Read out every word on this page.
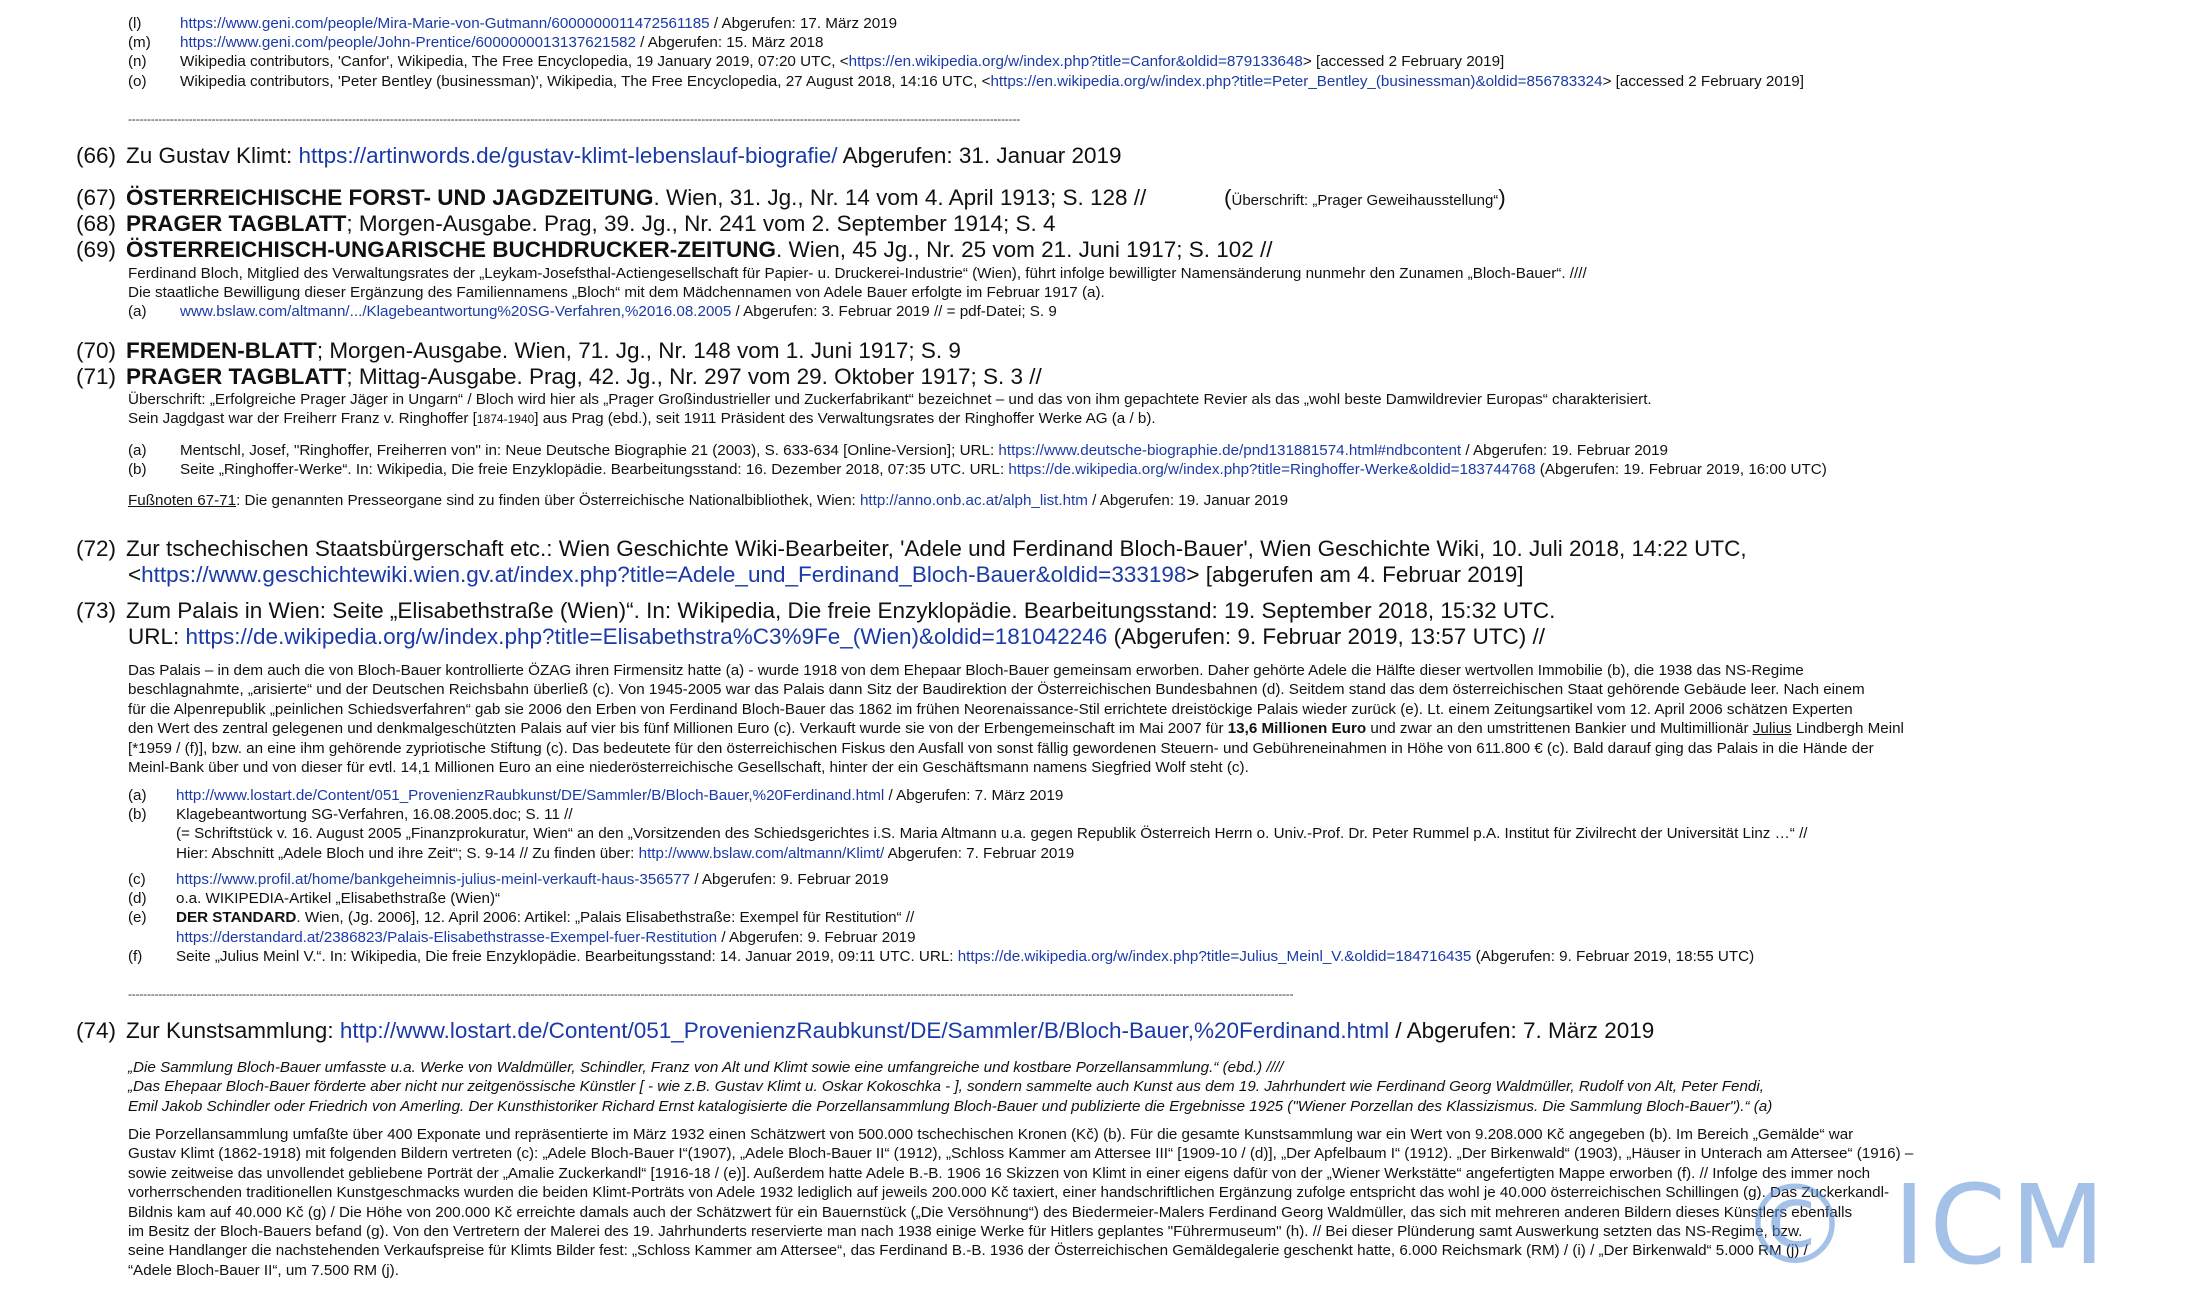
(l)	https://www.geni.com/people/Mira-Marie-von-Gutmann/6000000011472561185 / Abgerufen: 17. März 2019
(m) https://www.geni.com/people/John-Prentice/6000000013137621582 / Abgerufen: 15. März 2018
(n) Wikipedia contributors, 'Canfor', Wikipedia, The Free Encyclopedia, 19 January 2019, 07:20 UTC, <https://en.wikipedia.org/w/index.php?title=Canfor&oldid=879133648> [accessed 2 February 2019]
(o) Wikipedia contributors, 'Peter Bentley (businessman)', Wikipedia, The Free Encyclopedia, 27 August 2018, 14:16 UTC, <https://en.wikipedia.org/w/index.php?title=Peter_Bentley_(businessman)&oldid=856783324> [accessed 2 February 2019]
-------------------------------------------------------------------------------------------------------------------------------------------------------------------------------------------------------------------------------------------
(66) Zu Gustav Klimt: https://artinwords.de/gustav-klimt-lebenslauf-biografie/ Abgerufen: 31. Januar 2019
(67) ÖSTERREICHISCHE FORST- UND JAGDZEITUNG. Wien, 31. Jg., Nr. 14 vom 4. April 1913; S. 128 //	(Überschrift: „Prager Geweihausstellung“)
(68) PRAGER TAGBLATT; Morgen-Ausgabe. Prag, 39. Jg., Nr. 241 vom 2. September 1914; S. 4
(69) ÖSTERREICHISCH-UNGARISCHE BUCHDRUCKER-ZEITUNG. Wien, 45 Jg., Nr. 25 vom 21. Juni 1917; S. 102 //
Ferdinand Bloch, Mitglied des Verwaltungsrates der „Leykam-Josefsthal-Actiengesellschaft für Papier- u. Druckerei-Industrie“ (Wien), führt infolge bewilligter Namensänderung nunmehr den Zunamen „Bloch-Bauer“. ////
Die staatliche Bewilligung dieser Ergänzung des Familiennamens „Bloch“ mit dem Mädchennamen von Adele Bauer erfolgte im Februar 1917 (a).
(a) www.bslaw.com/altmann/.../Klagebeantwortung%20SG-Verfahren,%2016.08.2005 / Abgerufen: 3. Februar 2019 // = pdf-Datei; S. 9
(70) FREMDEN-BLATT; Morgen-Ausgabe. Wien, 71. Jg., Nr. 148 vom 1. Juni 1917; S. 9
(71) PRAGER TAGBLATT; Mittag-Ausgabe. Prag, 42. Jg., Nr. 297 vom 29. Oktober 1917; S. 3 //
Überschrift: „Erfolgreiche Prager Jäger in Ungarn“ / Bloch wird hier als „Prager Großindustrieller und Zuckerfabrikant“ bezeichnet – und das von ihm gepachtete Revier als das „wohl beste Damwildrevier Europas“ charakterisiert.
Sein Jagdgast war der Freiherr Franz v. Ringhoffer [1874-1940] aus Prag (ebd.), seit 1911 Präsident des Verwaltungsrates der Ringhoffer Werke AG (a / b).
(a) Mentschl, Josef, "Ringhoffer, Freiherren von" in: Neue Deutsche Biographie 21 (2003), S. 633-634 [Online-Version]; URL: https://www.deutsche-biographie.de/pnd131881574.html#ndbcontent / Abgerufen: 19. Februar 2019
(b) Seite „Ringhoffer-Werke“. In: Wikipedia, Die freie Enzyklopädie. Bearbeitungsstand: 16. Dezember 2018, 07:35 UTC. URL: https://de.wikipedia.org/w/index.php?title=Ringhoffer-Werke&oldid=183744768 (Abgerufen: 19. Februar 2019, 16:00 UTC)
Fußnoten 67-71: Die genannten Presseorgane sind zu finden über Österreichische Nationalbibliothek, Wien: http://anno.onb.ac.at/alph_list.htm / Abgerufen: 19. Januar 2019
(72) Zur tschechischen Staatsbürgerschaft etc.: Wien Geschichte Wiki-Bearbeiter, 'Adele und Ferdinand Bloch-Bauer', Wien Geschichte Wiki, 10. Juli 2018, 14:22 UTC,
<https://www.geschichtewiki.wien.gv.at/index.php?title=Adele_und_Ferdinand_Bloch-Bauer&oldid=333198> [abgerufen am 4. Februar 2019]
(73) Zum Palais in Wien: Seite „Elisabethstraße (Wien)“. In: Wikipedia, Die freie Enzyklopädie. Bearbeitungsstand: 19. September 2018, 15:32 UTC.
URL: https://de.wikipedia.org/w/index.php?title=Elisabethstra%C3%9Fe_(Wien)&oldid=181042246 (Abgerufen: 9. Februar 2019, 13:57 UTC) //
Das Palais – in dem auch die von Bloch-Bauer kontrollierte ÖZAG ihren Firmensitz hatte (a) - wurde 1918 von dem Ehepaar Bloch-Bauer gemeinsam erworben. Daher gehörte Adele die Hälfte dieser wertvollen Immobilie (b), die 1938 das NS-Regime
beschlagnahmte, „arisierte“ und der Deutschen Reichsbahn überließ (c). Von 1945-2005 war das Palais dann Sitz der Baudirektion der Österreichischen Bundesbahnen (d). Seitdem stand das dem österreichischen Staat gehörende Gebäude leer. Nach einem
für die Alpenrepublik „peinlichen Schiedsverfahren“ gab sie 2006 den Erben von Ferdinand Bloch-Bauer das 1862 im frühen Neorenaissance-Stil errichtete dreistöckige Palais wieder zurück (e). Lt. einem Zeitungsartikel vom 12. April 2006 schätzen Experten
den Wert des zentral gelegenen und denkmalgeschützten Palais auf vier bis fünf Millionen Euro (c). Verkauft wurde sie von der Erbengemeinschaft im Mai 2007 für 13,6 Millionen Euro und zwar an den umstrittenen Bankier und Multimillionär Julius Lindbergh Meinl
[*1959 / (f)], bzw. an eine ihm gehörende zypriotische Stiftung (c). Das bedeutete für den österreichischen Fiskus den Ausfall von sonst fällig gewordenen Steuern- und Gebühreneinahmen in Höhe von 611.800 € (c). Bald darauf ging das Palais in die Hände der
Meinl-Bank über und von dieser für evtl. 14,1 Millionen Euro an eine niederösterreichische Gesellschaft, hinter der ein Geschäftsmann namens Siegfried Wolf steht (c).
(a) http://www.lostart.de/Content/051_ProvenienzRaubkunst/DE/Sammler/B/Bloch-Bauer,%20Ferdinand.html / Abgerufen: 7. März 2019
(b) Klagebeantwortung SG-Verfahren, 16.08.2005.doc; S. 11 //
(= Schriftstück v. 16. August 2005 „Finanzprokuratur, Wien“ an den „Vorsitzenden des Schiedsgerichtes i.S. Maria Altmann u.a. gegen Republik Österreich Herrn o. Univ.-Prof. Dr. Peter Rummel p.A. Institut für Zivilrecht der Universität Linz …“ //
Hier: Abschnitt „Adele Bloch und ihre Zeit“; S. 9-14 // Zu finden über: http://www.bslaw.com/altmann/Klimt/ Abgerufen: 7. Februar 2019
(c) https://www.profil.at/home/bankgeheimnis-julius-meinl-verkauft-haus-356577 / Abgerufen: 9. Februar 2019
(d) o.a. WIKIPEDIA-Artikel „Elisabethstraße (Wien)“
(e) DER STANDARD. Wien, (Jg. 2006], 12. April 2006: Artikel: „Palais Elisabethstraße: Exempel für Restitution“ //
https://derstandard.at/2386823/Palais-Elisabethstrasse-Exempel-fuer-Restitution / Abgerufen: 9. Februar 2019
(f) Seite „Julius Meinl V.“. In: Wikipedia, Die freie Enzyklopädie. Bearbeitungsstand: 14. Januar 2019, 09:11 UTC. URL: https://de.wikipedia.org/w/index.php?title=Julius_Meinl_V.&oldid=184716435 (Abgerufen: 9. Februar 2019, 18:55 UTC)
-------------------------------------------------------------------------------------------------------------------------------------------------------------------------------------------------------------------------------------------------------------------------------------------------------------------
(74) Zur Kunstsammlung: http://www.lostart.de/Content/051_ProvenienzRaubkunst/DE/Sammler/B/Bloch-Bauer,%20Ferdinand.html / Abgerufen: 7. März 2019
„Die Sammlung Bloch-Bauer umfasste u.a. Werke von Waldmüller, Schindler, Franz von Alt und Klimt sowie eine umfangreiche und kostbare Porzellansammlung.“ (ebd.) ////
„Das Ehepaar Bloch-Bauer förderte aber nicht nur zeitgenössische Künstler [ - wie z.B. Gustav Klimt u. Oskar Kokoschka - ], sondern sammelte auch Kunst aus dem 19. Jahrhundert wie Ferdinand Georg Waldmüller, Rudolf von Alt, Peter Fendi,
Emil Jakob Schindler oder Friedrich von Amerling. Der Kunsthistoriker Richard Ernst katalogisierte die Porzellansammlung Bloch-Bauer und publizierte die Ergebnisse 1925 ("Wiener Porzellan des Klassizismus. Die Sammlung Bloch-Bauer").“ (a)
Die Porzellansammlung umfaßte über 400 Exponate und repräsentierte im März 1932 einen Schätzwert von 500.000 tschechischen Kronen (Kč) (b). Für die gesamte Kunstsammlung war ein Wert von 9.208.000 Kč angegeben (b). Im Bereich „Gemälde“ war
Gustav Klimt (1862-1918) mit folgenden Bildern vertreten (c): „Adele Bloch-Bauer I“(1907), „Adele Bloch-Bauer II“ (1912), „Schloss Kammer am Attersee III“ [1909-10 / (d)], „Der Apfelbaum I“ (1912). „Der Birkenwald“ (1903), „Häuser in Unterach am Attersee“ (1916) –
sowie zeitweise das unvollendet gebliebene Porträt der „Amalie Zuckerkandl“ [1916-18 / (e)]. Außerdem hatte Adele B.-B. 1906 16 Skizzen von Klimt in einer eigens dafür von der „Wiener Werkstätte“ angefertigten Mappe erworben (f). // Infolge des immer noch
vorherrschenden traditionellen Kunstgeschmacks wurden die beiden Klimt-Porträts von Adele 1932 lediglich auf jeweils 200.000 Kč taxiert, einer handschriftlichen Ergänzung zufolge entspricht das wohl je 40.000 österreichischen Schillingen (g). Das Zuckerkandl-
Bildnis kam auf 40.000 Kč (g) / Die Höhe von 200.000 Kč erreichte damals auch der Schätzwert für ein Bauernstück („Die Versöhnung“) des Biedermeier-Malers Ferdinand Georg Waldmüller, das sich mit mehreren anderen Bildern dieses Künstlers ebenfalls
im Besitz der Bloch-Bauers befand (g). Von den Vertretern der Malerei des 19. Jahrhunderts reservierte man nach 1938 einige Werke für Hitlers geplantes "Führermuseum" (h). // Bei dieser Plünderung samt Auswerkung setzten das NS-Regime, bzw.
seine Handlanger die nachstehenden Verkaufspreise für Klimts Bilder fest: „Schloss Kammer am Attersee“, das Ferdinand B.-B. 1936 der Österreichischen Gemäldegalerie geschenkt hatte, 6.000 Reichsmark (RM) / (i) / „Der Birkenwald“ 5.000 RM (j) /
“Adele Bloch-Bauer II“, um 7.500 RM (j).	© ICM
